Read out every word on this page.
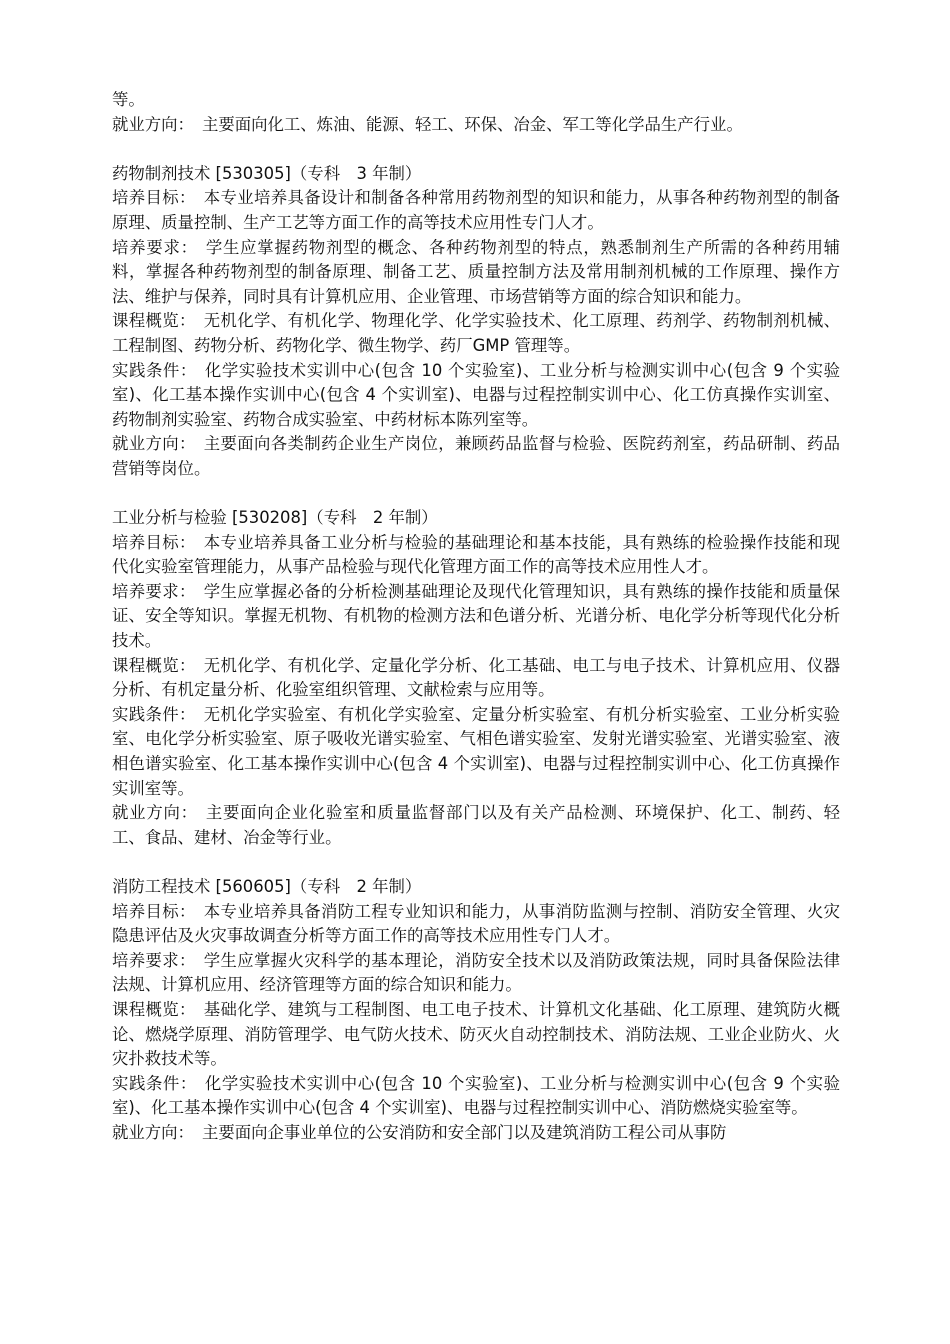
等。

就业方向： 主要面向化工、炼油、能源、轻工、环保、冶金、军工等化学品生产行业。

药物制剂技术 [530305]（专科　3 年制）

培养目标： 本专业培养具备设计和制备各种常用药物剂型的知识和能力，从事各种药物剂型的制备原理、质量控制、生产工艺等方面工作的高等技术应用性专门人才。

培养要求： 学生应掌握药物剂型的概念、各种药物剂型的特点，熟悉制剂生产所需的各种药用辅料，掌握各种药物剂型的制备原理、制备工艺、质量控制方法及常用制剂机械的工作原理、操作方法、维护与保养，同时具有计算机应用、企业管理、市场营销等方面的综合知识和能力。

课程概览： 无机化学、有机化学、物理化学、化学实验技术、化工原理、药剂学、药物制剂机械、工程制图、药物分析、药物化学、微生物学、药厂GMP 管理等。

实践条件： 化学实验技术实训中心(包含 10 个实验室)、工业分析与检测实训中心(包含 9 个实验室)、化工基本操作实训中心(包含 4 个实训室)、电器与过程控制实训中心、化工仿真操作实训室、药物制剂实验室、药物合成实验室、中药材标本陈列室等。

就业方向： 主要面向各类制药企业生产岗位，兼顾药品监督与检验、医院药剂室，药品研制、药品营销等岗位。

工业分析与检验 [530208]（专科　2 年制）

培养目标： 本专业培养具备工业分析与检验的基础理论和基本技能，具有熟练的检验操作技能和现代化实验室管理能力，从事产品检验与现代化管理方面工作的高等技术应用性人才。

培养要求： 学生应掌握必备的分析检测基础理论及现代化管理知识，具有熟练的操作技能和质量保证、安全等知识。掌握无机物、有机物的检测方法和色谱分析、光谱分析、电化学分析等现代化分析技术。

课程概览： 无机化学、有机化学、定量化学分析、化工基础、电工与电子技术、计算机应用、仪器分析、有机定量分析、化验室组织管理、文献检索与应用等。

实践条件： 无机化学实验室、有机化学实验室、定量分析实验室、有机分析实验室、工业分析实验室、电化学分析实验室、原子吸收光谱实验室、气相色谱实验室、发射光谱实验室、光谱实验室、液相色谱实验室、化工基本操作实训中心(包含 4 个实训室)、电器与过程控制实训中心、化工仿真操作实训室等。

就业方向： 主要面向企业化验室和质量监督部门以及有关产品检测、环境保护、化工、制药、轻工、食品、建材、冶金等行业。

消防工程技术 [560605]（专科　2 年制）

培养目标： 本专业培养具备消防工程专业知识和能力，从事消防监测与控制、消防安全管理、火灾隐患评估及火灾事故调查分析等方面工作的高等技术应用性专门人才。

培养要求： 学生应掌握火灾科学的基本理论，消防安全技术以及消防政策法规，同时具备保险法律法规、计算机应用、经济管理等方面的综合知识和能力。

课程概览： 基础化学、建筑与工程制图、电工电子技术、计算机文化基础、化工原理、建筑防火概论、燃烧学原理、消防管理学、电气防火技术、防灭火自动控制技术、消防法规、工业企业防火、火灾扑救技术等。

实践条件： 化学实验技术实训中心(包含 10 个实验室)、工业分析与检测实训中心(包含 9 个实验室)、化工基本操作实训中心(包含 4 个实训室)、电器与过程控制实训中心、消防燃烧实验室等。

就业方向： 主要面向企事业单位的公安消防和安全部门以及建筑消防工程公司从事防
